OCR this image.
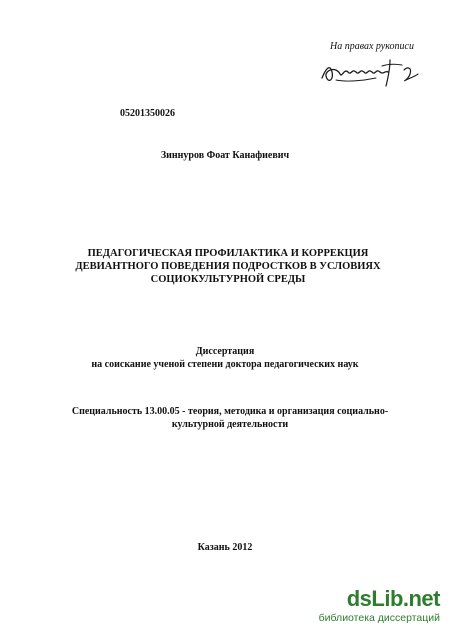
На правах рукописи
05201350026
Зиннуров Фоат Канафиевич
ПЕДАГОГИЧЕСКАЯ ПРОФИЛАКТИКА И КОРРЕКЦИЯ
ДЕВИАНТНОГО ПОВЕДЕНИЯ ПОДРОСТКОВ В УСЛОВИЯХ
СОЦИОКУЛЬТУРНОЙ СРЕДЫ
Диссертация
на соискание ученой степени доктора педагогических наук
Специальность 13.00.05 - теория, методика и организация социально-
культурной деятельности
Казань 2012
dsLib.net
библиотека диссертаций
